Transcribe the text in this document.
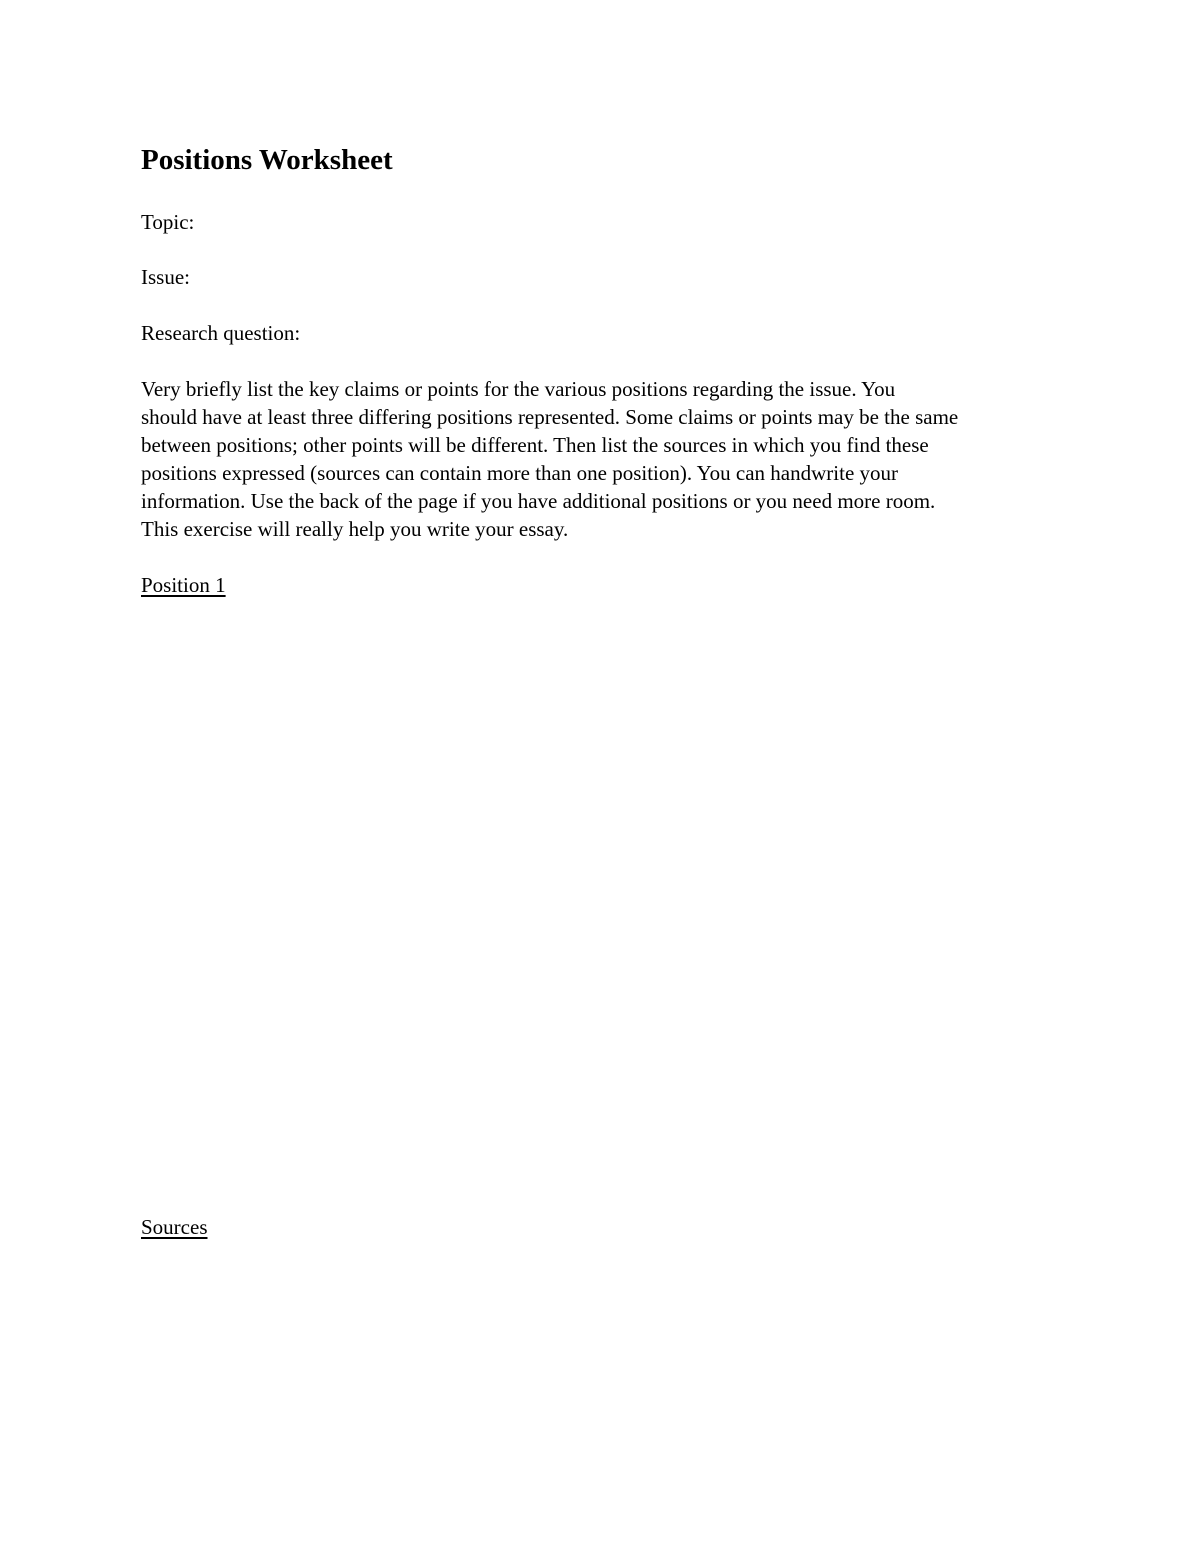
Positions Worksheet

Topic:

Issue:

Research question:

Very briefly list the key claims or points for the various positions regarding the issue. You
should have at least three differing positions represented. Some claims or points may be the same
between positions; other points will be different. Then list the sources in which you find these
positions expressed (sources can contain more than one position). You can handwrite your
information. Use the back of the page if you have additional positions or you need more room.
This exercise will really help you write your essay.

Position 1

Sources
